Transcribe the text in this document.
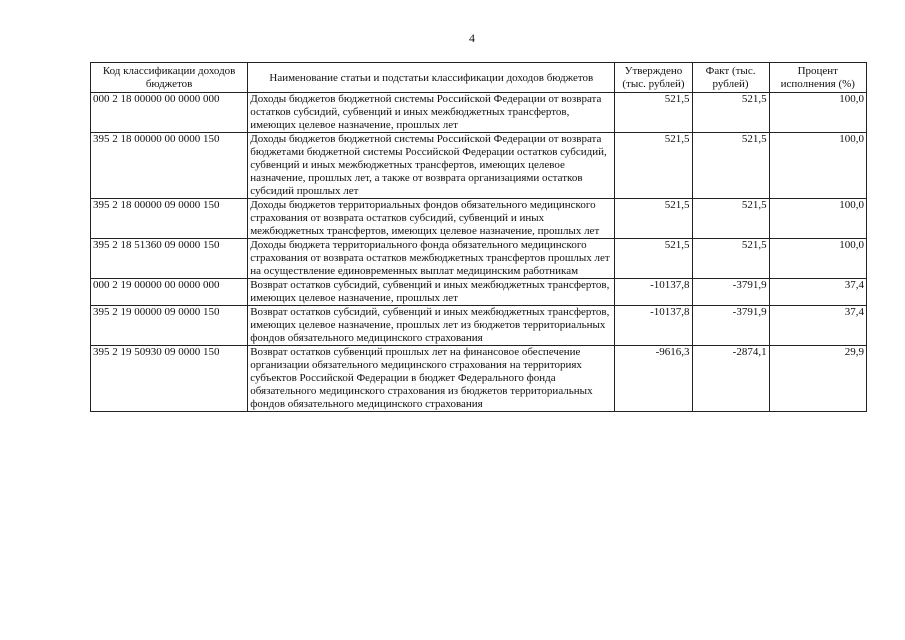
4
Код классификации доходов бюджетов	Наименование статьи и подстатьи классификации доходов бюджетов	Утверждено (тыс. рублей)	Факт (тыс. рублей)	Процент исполнения (%)
000 2 18 00000 00 0000 000	Доходы бюджетов бюджетной системы Российской Федерации от возврата остатков субсидий, субвенций и иных межбюджетных трансфертов, имеющих целевое назначение, прошлых лет	521,5	521,5	100,0
395 2 18 00000 00 0000 150	Доходы бюджетов бюджетной системы Российской Федерации от возврата бюджетами бюджетной системы Российской Федерации остатков субсидий, субвенций и иных межбюджетных трансфертов, имеющих целевое назначение, прошлых лет, а также от возврата организациями остатков субсидий прошлых лет	521,5	521,5	100,0
395 2 18 00000 09 0000 150	Доходы бюджетов территориальных фондов обязательного медицинского страхования от возврата остатков субсидий, субвенций и иных межбюджетных трансфертов, имеющих целевое назначение, прошлых лет	521,5	521,5	100,0
395 2 18 51360 09 0000 150	Доходы бюджета территориального фонда обязательного медицинского страхования от возврата остатков межбюджетных трансфертов прошлых лет на осуществление единовременных выплат медицинским работникам	521,5	521,5	100,0
000 2 19 00000 00 0000 000	Возврат остатков субсидий, субвенций и иных межбюджетных трансфертов, имеющих целевое назначение, прошлых лет	-10137,8	-3791,9	37,4
395 2 19 00000 09 0000 150	Возврат остатков субсидий, субвенций и иных межбюджетных трансфертов, имеющих целевое назначение, прошлых лет из бюджетов территориальных фондов обязательного медицинского страхования	-10137,8	-3791,9	37,4
395 2 19 50930 09 0000 150	Возврат остатков субвенций прошлых лет на финансовое обеспечение организации обязательного медицинского страхования на территориях субъектов Российской Федерации в бюджет Федерального фонда обязательного медицинского страхования из бюджетов территориальных фондов обязательного медицинского страхования	-9616,3	-2874,1	29,9
